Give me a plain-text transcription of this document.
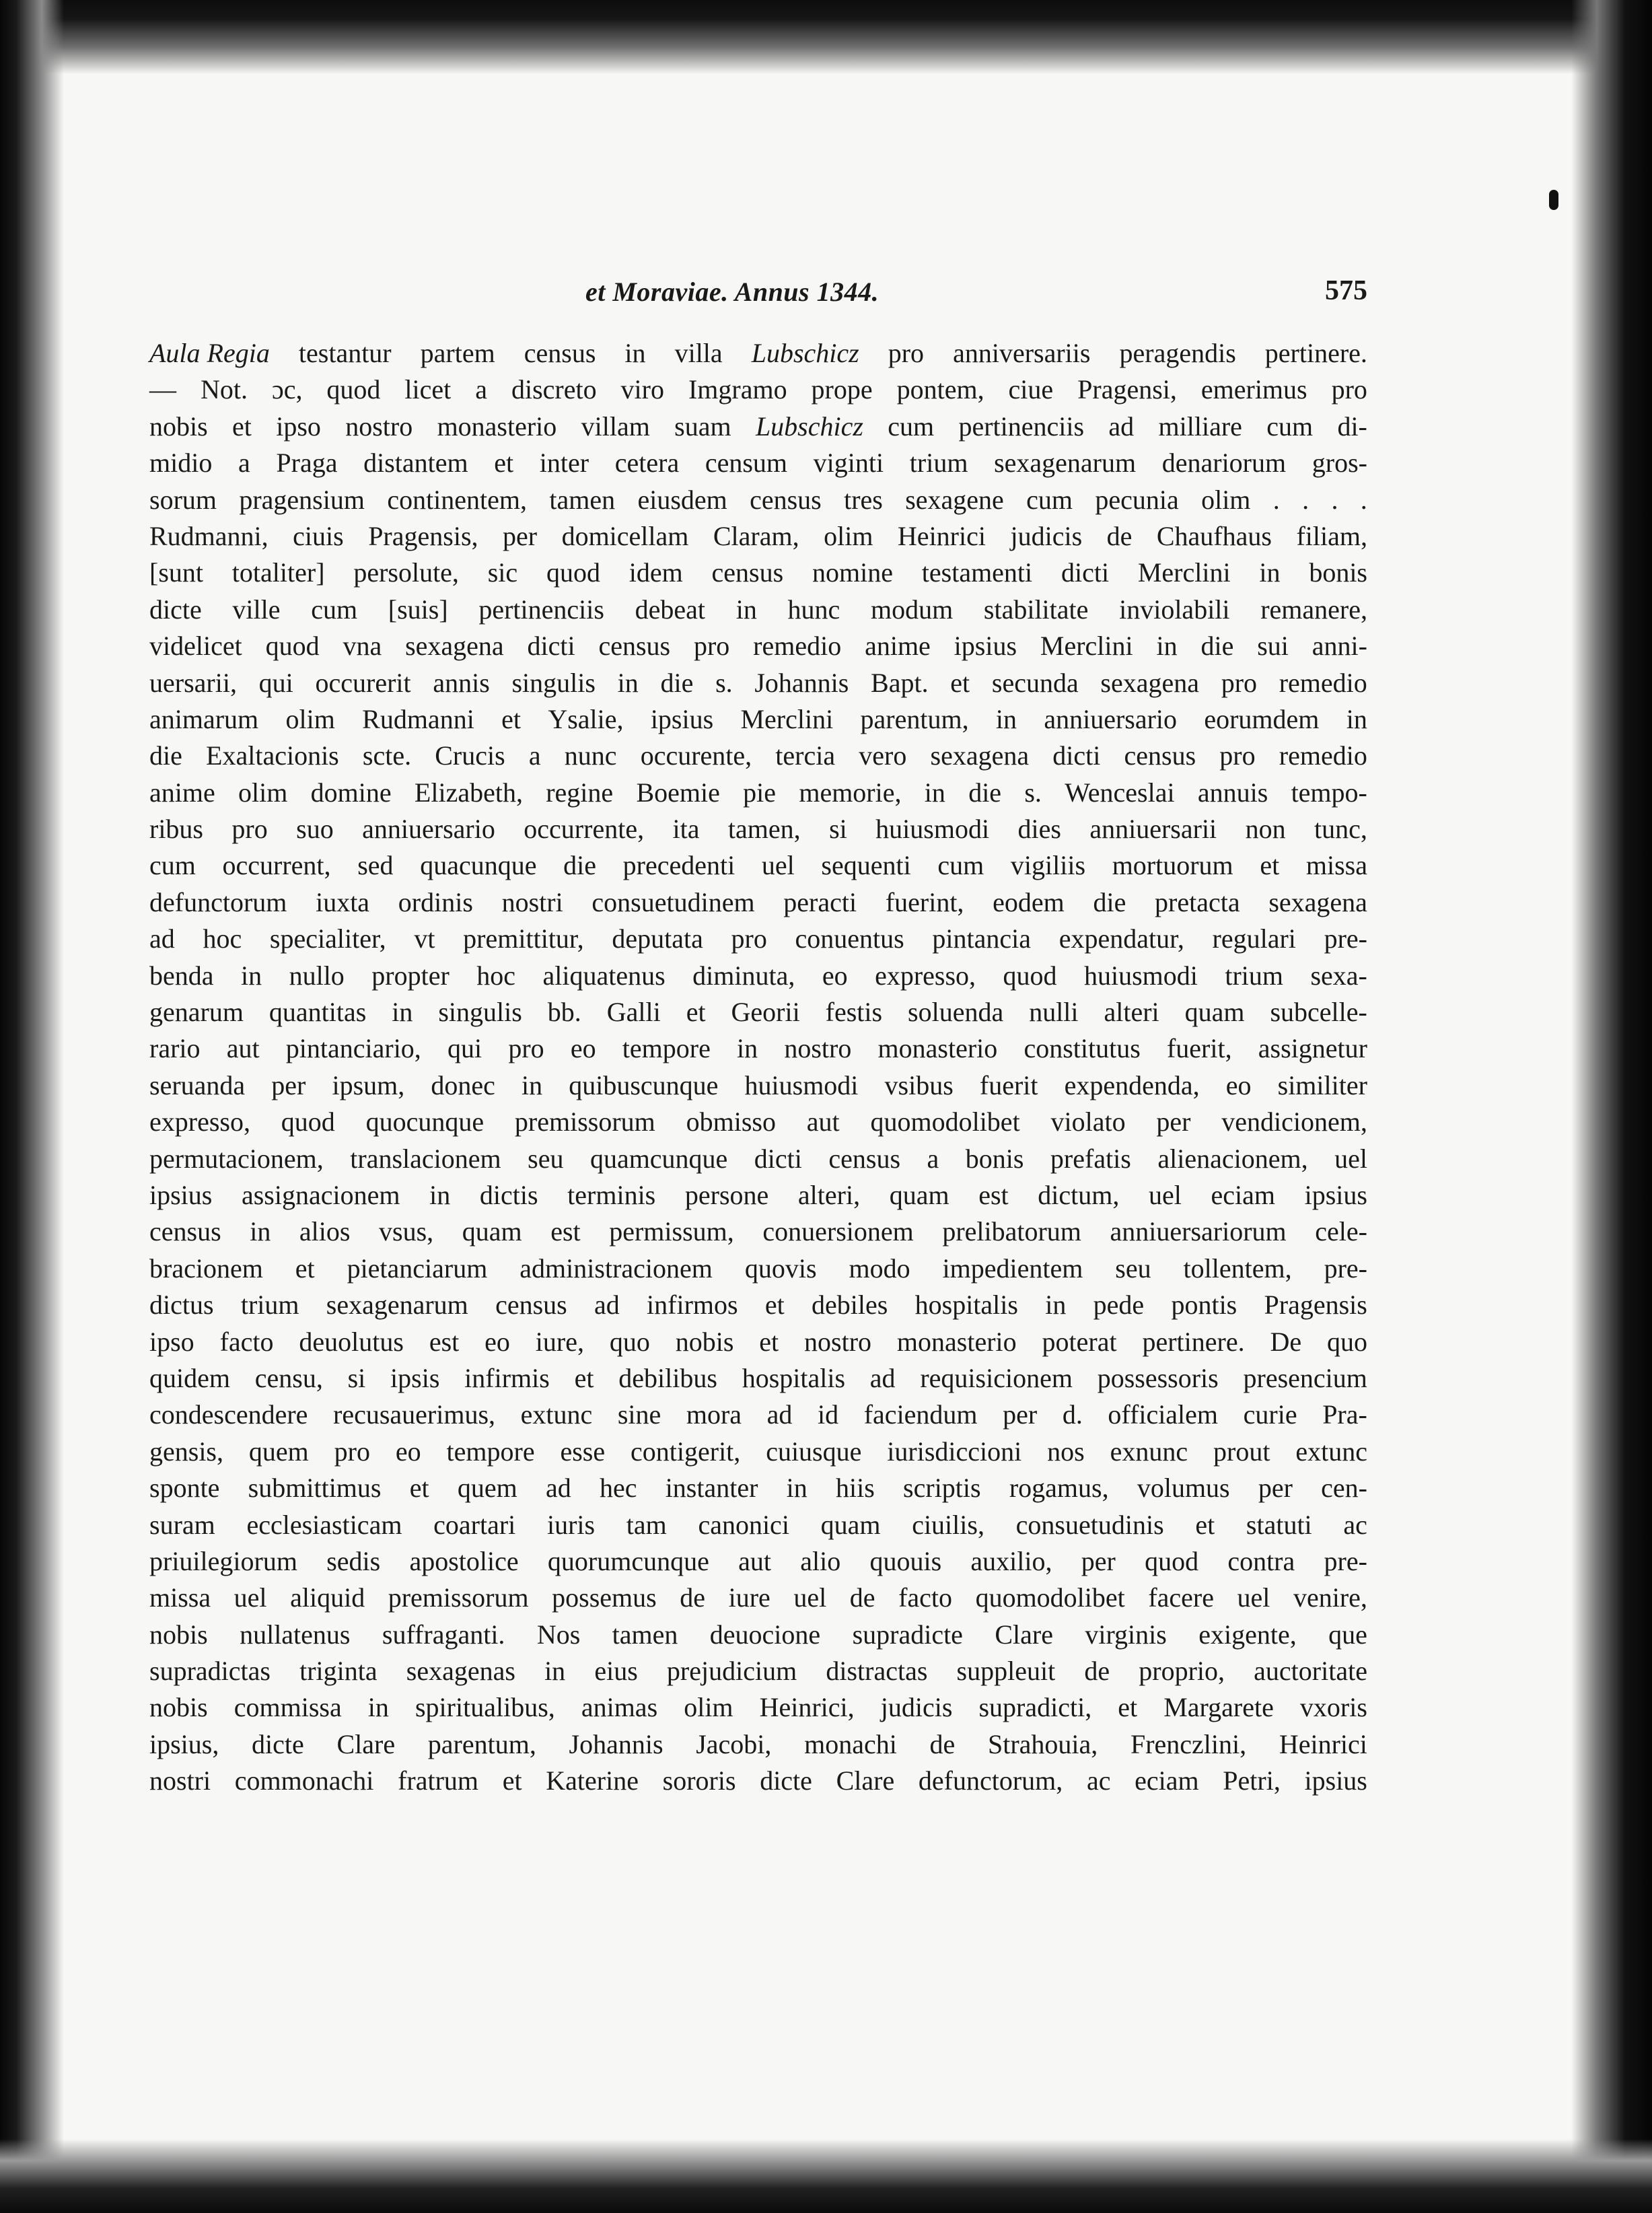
et Moraviae. Annus 1344.	575
Aula Regia testantur partem census in villa Lubschicz pro anniversariis peragendis pertinere.
— Not. ɔc, quod licet a discreto viro Imgramo prope pontem, ciue Pragensi, emerimus pro
nobis et ipso nostro monasterio villam suam Lubschicz cum pertinenciis ad milliare cum di-
midio a Praga distantem et inter cetera censum viginti trium sexagenarum denariorum gros-
sorum pragensium continentem, tamen eiusdem census tres sexagene cum pecunia olim . . . .
Rudmanni, ciuis Pragensis, per domicellam Claram, olim Heinrici judicis de Chaufhaus filiam,
[sunt totaliter] persolute, sic quod idem census nomine testamenti dicti Merclini in bonis
dicte ville cum [suis] pertinenciis debeat in hunc modum stabilitate inviolabili remanere,
videlicet quod vna sexagena dicti census pro remedio anime ipsius Merclini in die sui anni-
uersarii, qui occurerit annis singulis in die s. Johannis Bapt. et secunda sexagena pro remedio
animarum olim Rudmanni et Ysalie, ipsius Merclini parentum, in anniuersario eorumdem in
die Exaltacionis scte. Crucis a nunc occurente, tercia vero sexagena dicti census pro remedio
anime olim domine Elizabeth, regine Boemie pie memorie, in die s. Wenceslai annuis tempo-
ribus pro suo anniuersario occurrente, ita tamen, si huiusmodi dies anniuersarii non tunc,
cum occurrent, sed quacunque die precedenti uel sequenti cum vigiliis mortuorum et missa
defunctorum iuxta ordinis nostri consuetudinem peracti fuerint, eodem die pretacta sexagena
ad hoc specialiter, vt premittitur, deputata pro conuentus pintancia expendatur, regulari pre-
benda in nullo propter hoc aliquatenus diminuta, eo expresso, quod huiusmodi trium sexa-
genarum quantitas in singulis bb. Galli et Georii festis soluenda nulli alteri quam subcelle-
rario aut pintanciario, qui pro eo tempore in nostro monasterio constitutus fuerit, assignetur
seruanda per ipsum, donec in quibuscunque huiusmodi vsibus fuerit expendenda, eo similiter
expresso, quod quocunque premissorum obmisso aut quomodolibet violato per vendicionem,
permutacionem, translacionem seu quamcunque dicti census a bonis prefatis alienacionem, uel
ipsius assignacionem in dictis terminis persone alteri, quam est dictum, uel eciam ipsius
census in alios vsus, quam est permissum, conuersionem prelibatorum anniuersariorum cele-
bracionem et pietanciarum administracionem quovis modo impedientem seu tollentem, pre-
dictus trium sexagenarum census ad infirmos et debiles hospitalis in pede pontis Pragensis
ipso facto deuolutus est eo iure, quo nobis et nostro monasterio poterat pertinere. De quo
quidem censu, si ipsis infirmis et debilibus hospitalis ad requisicionem possessoris presencium
condescendere recusauerimus, extunc sine mora ad id faciendum per d. officialem curie Pra-
gensis, quem pro eo tempore esse contigerit, cuiusque iurisdiccioni nos exnunc prout extunc
sponte submittimus et quem ad hec instanter in hiis scriptis rogamus, volumus per cen-
suram ecclesiasticam coartari iuris tam canonici quam ciuilis, consuetudinis et statuti ac
priuilegiorum sedis apostolice quorumcunque aut alio quouis auxilio, per quod contra pre-
missa uel aliquid premissorum possemus de iure uel de facto quomodolibet facere uel venire,
nobis nullatenus suffraganti. Nos tamen deuocione supradicte Clare virginis exigente, que
supradictas triginta sexagenas in eius prejudicium distractas suppleuit de proprio, auctoritate
nobis commissa in spiritualibus, animas olim Heinrici, judicis supradicti, et Margarete vxoris
ipsius, dicte Clare parentum, Johannis Jacobi, monachi de Strahouia, Frenczlini, Heinrici
nostri commonachi fratrum et Katerine sororis dicte Clare defunctorum, ac eciam Petri, ipsius
